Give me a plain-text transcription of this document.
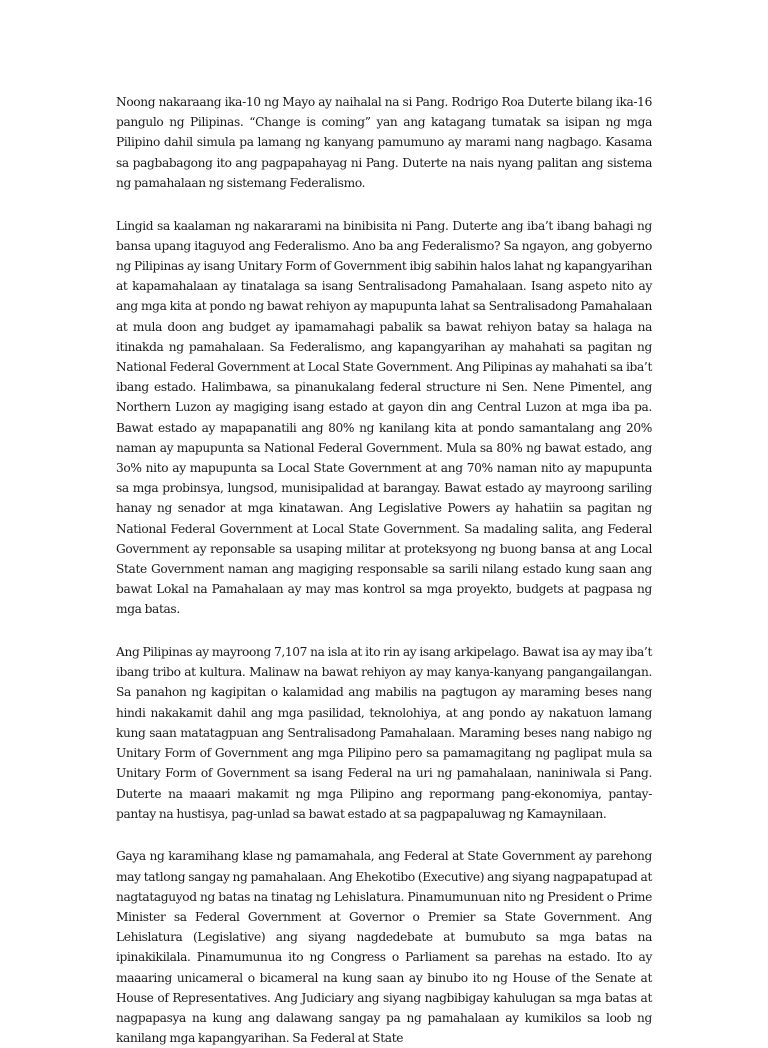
Noong nakaraang ika-10 ng Mayo ay naihalal na si Pang. Rodrigo Roa Duterte bilang ika-16 pangulo ng Pilipinas. “Change is coming” yan ang katagang tumatak sa isipan ng mga Pilipino dahil simula pa lamang ng kanyang pamumuno ay marami nang nagbago. Kasama sa pagbabagong ito ang pagpapahayag ni Pang. Duterte na nais nyang palitan ang sistema ng pamahalaan ng sistemang Federalismo.

Lingid sa kaalaman ng nakararami na binibisita ni Pang. Duterte ang iba’t ibang bahagi ng bansa upang itaguyod ang Federalismo. Ano ba ang Federalismo? Sa ngayon, ang gobyerno ng Pilipinas ay isang Unitary Form of Government ibig sabihin halos lahat ng kapangyarihan at kapamahalaan ay tinatalaga sa isang Sentralisadong Pamahalaan. Isang aspeto nito ay ang mga kita at pondo ng bawat rehiyon ay mapupunta lahat sa Sentralisadong Pamahalaan at mula doon ang budget ay ipamamahagi pabalik sa bawat rehiyon batay sa halaga na itinakda ng pamahalaan. Sa Federalismo, ang kapangyarihan ay mahahati sa pagitan ng National Federal Government at Local State Government. Ang Pilipinas ay mahahati sa iba’t ibang estado. Halimbawa, sa pinanukalang federal structure ni Sen. Nene Pimentel, ang Northern Luzon ay magiging isang estado at gayon din ang Central Luzon at mga iba pa. Bawat estado ay mapapanatili ang 80% ng kanilang kita at pondo samantalang ang 20% naman ay mapupunta sa National Federal Government. Mula sa 80% ng bawat estado, ang 3o% nito ay mapupunta sa Local State Government at ang 70% naman nito ay mapupunta sa mga probinsya, lungsod, munisipalidad at barangay. Bawat estado ay mayroong sariling hanay ng senador at mga kinatawan. Ang Legislative Powers ay hahatiin sa pagitan ng National Federal Government at Local State Government. Sa madaling salita, ang Federal Government ay reponsable sa usaping militar at proteksyong ng buong bansa at ang Local State Government naman ang magiging responsable sa sarili nilang estado kung saan ang bawat Lokal na Pamahalaan ay may mas kontrol sa mga proyekto, budgets at pagpasa ng mga batas.

Ang Pilipinas ay mayroong 7,107 na isla at ito rin ay isang arkipelago. Bawat isa ay may iba’t ibang tribo at kultura. Malinaw na bawat rehiyon ay may kanya-kanyang pangangailangan. Sa panahon ng kagipitan o kalamidad ang mabilis na pagtugon ay maraming beses nang hindi nakakamit dahil ang mga pasilidad, teknolohiya, at ang pondo ay nakatuon lamang kung saan matatagpuan ang Sentralisadong Pamahalaan. Maraming beses nang nabigo ng Unitary Form of Government ang mga Pilipino pero sa pamamagitang ng paglipat mula sa Unitary Form of Government sa isang Federal na uri ng pamahalaan, naniniwala si Pang. Duterte na maaari makamit ng mga Pilipino ang repormang pang-ekonomiya, pantay-pantay na hustisya, pag-unlad sa bawat estado at sa pagpapaluwag ng Kamaynilaan.

Gaya ng karamihang klase ng pamamahala, ang Federal at State Government ay parehong may tatlong sangay ng pamahalaan. Ang Ehekotibo (Executive) ang siyang nagpapatupad at nagtataguyod ng batas na tinatag ng Lehislatura. Pinamumunuan nito ng President o Prime Minister sa Federal Government at Governor o Premier sa State Government. Ang Lehislatura (Legislative) ang siyang nagdedebate at bumubuto sa mga batas na ipinakikilala. Pinamumunua ito ng Congress o Parliament sa parehas na estado. Ito ay maaaring unicameral o bicameral na kung saan ay binubo ito ng House of the Senate at House of Representatives. Ang Judiciary ang siyang nagbibigay kahulugan sa mga batas at nagpapasya na kung ang dalawang sangay pa ng pamahalaan ay kumikilos sa loob ng kanilang mga kapangyarihan. Sa Federal at State
